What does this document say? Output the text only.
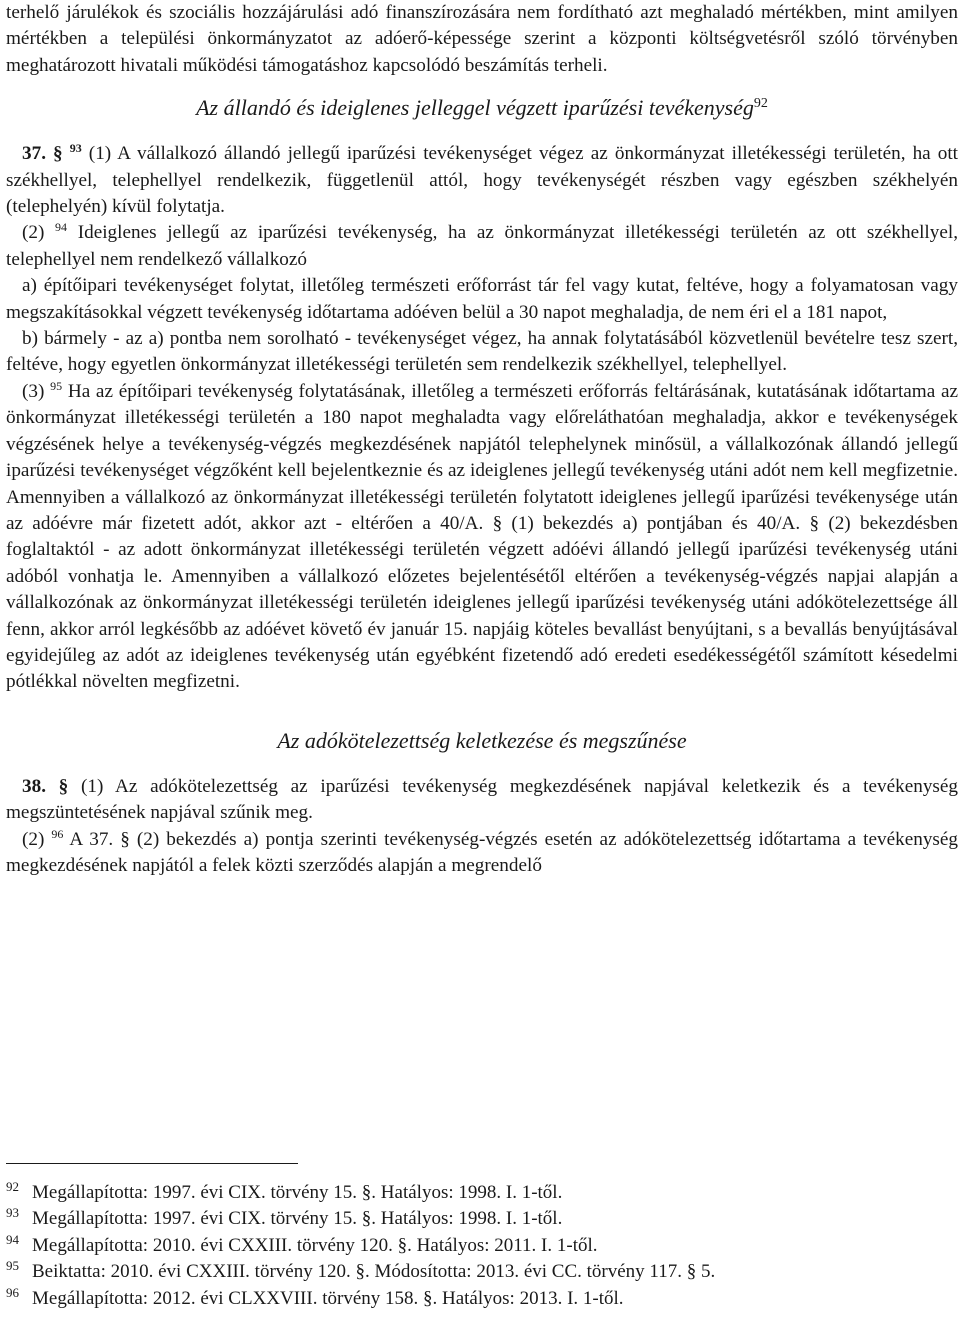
terhelő járulékok és szociális hozzájárulási adó finanszírozására nem fordítható azt meghaladó mértékben, mint amilyen mértékben a települési önkormányzatot az adóerő-képessége szerint a központi költségvetésről szóló törvényben meghatározott hivatali működési támogatáshoz kapcsolódó beszámítás terheli.

Az állandó és ideiglenes jelleggel végzett iparűzési tevékenység$^{92}$

37. § $^{93}$ (1) A vállalkozó állandó jellegű iparűzési tevékenységet végez az önkormányzat illetékességi területén, ha ott székhellyel, telephellyel rendelkezik, függetlenül attól, hogy tevékenységét részben vagy egészben székhelyén (telephelyén) kívül folytatja.

(2) $^{94}$ Ideiglenes jellegű az iparűzési tevékenység, ha az önkormányzat illetékességi területén az ott székhellyel, telephellyel nem rendelkező vállalkozó

a) építőipari tevékenységet folytat, illetőleg természeti erőforrást tár fel vagy kutat, feltéve, hogy a folyamatosan vagy megszakításokkal végzett tevékenység időtartama adóéven belül a 30 napot meghaladja, de nem éri el a 181 napot,

b) bármely - az a) pontba nem sorolható - tevékenységet végez, ha annak folytatásából közvetlenül bevételre tesz szert, feltéve, hogy egyetlen önkormányzat illetékességi területén sem rendelkezik székhellyel, telephellyel.

(3) $^{95}$ Ha az építőipari tevékenység folytatásának, illetőleg a természeti erőforrás feltárásának, kutatásának időtartama az önkormányzat illetékességi területén a 180 napot meghaladta vagy előreláthatóan meghaladja, akkor e tevékenységek végzésének helye a tevékenység-végzés megkezdésének napjától telephelynek minősül, a vállalkozónak állandó jellegű iparűzési tevékenységet végzőként kell bejelentkeznie és az ideiglenes jellegű tevékenység utáni adót nem kell megfizetnie. Amennyiben a vállalkozó az önkormányzat illetékességi területén folytatott ideiglenes jellegű iparűzési tevékenysége után az adóévre már fizetett adót, akkor azt - eltérően a 40/A. § (1) bekezdés a) pontjában és 40/A. § (2) bekezdésben foglaltaktól - az adott önkormányzat illetékességi területén végzett adóévi állandó jellegű iparűzési tevékenység utáni adóból vonhatja le. Amennyiben a vállalkozó előzetes bejelentésétől eltérően a tevékenység-végzés napjai alapján a vállalkozónak az önkormányzat illetékességi területén ideiglenes jellegű iparűzési tevékenység utáni adókötelezettsége áll fenn, akkor arról legkésőbb az adóévet követő év január 15. napjáig köteles bevallást benyújtani, s a bevallás benyújtásával egyidejűleg az adót az ideiglenes tevékenység után egyébként fizetendő adó eredeti esedékességétől számított késedelmi pótlékkal növelten megfizetni.

Az adókötelezettség keletkezése és megszűnése

38. § (1) Az adókötelezettség az iparűzési tevékenység megkezdésének napjával keletkezik és a tevékenység megszüntetésének napjával szűnik meg.

(2) $^{96}$ A 37. § (2) bekezdés a) pontja szerinti tevékenység-végzés esetén az adókötelezettség időtartama a tevékenység megkezdésének napjától a felek közti szerződés alapján a megrendelő

92 Megállapította: 1997. évi CIX. törvény 15. §. Hatályos: 1998. I. 1-től.

93 Megállapította: 1997. évi CIX. törvény 15. §. Hatályos: 1998. I. 1-től.

94 Megállapította: 2010. évi CXXIII. törvény 120. §. Hatályos: 2011. I. 1-től.

95 Beiktatta: 2010. évi CXXIII. törvény 120. §. Módosította: 2013. évi CC. törvény 117. § 5.

96 Megállapította: 2012. évi CLXXVIII. törvény 158. §. Hatályos: 2013. I. 1-től.
